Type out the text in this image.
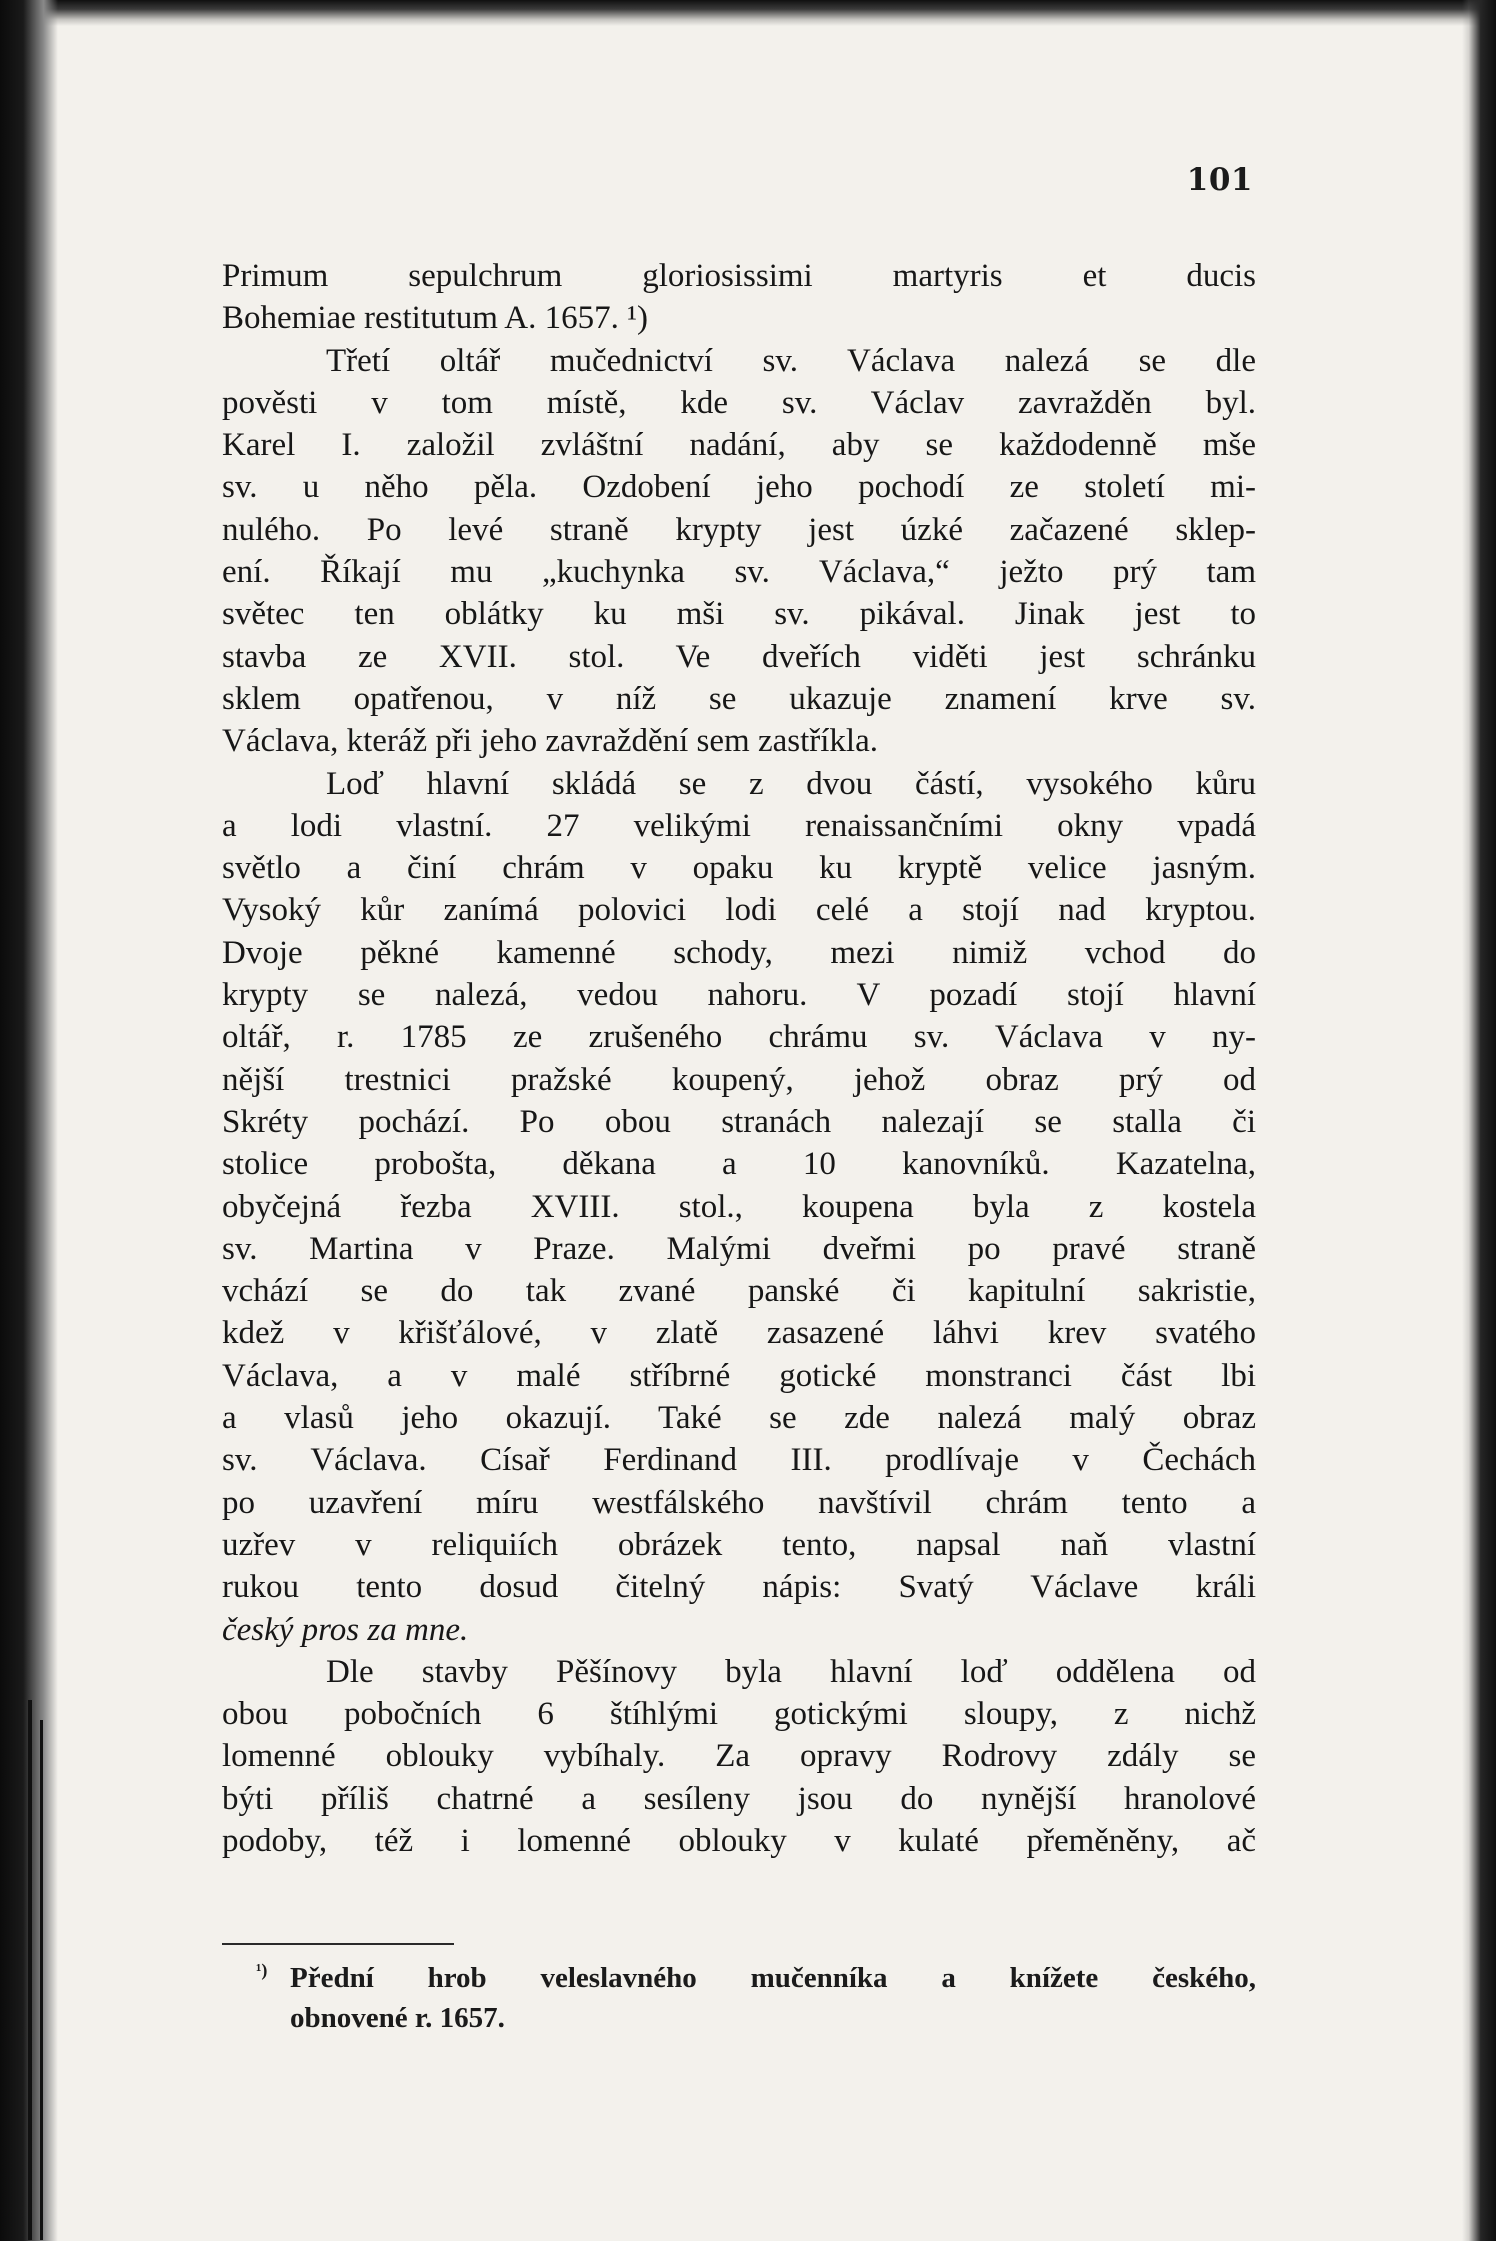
101
Primum sepulchrum gloriosissimi martyris et ducis
Bohemiae restitutum A. 1657. ¹)
Třetí oltář mučednictví sv. Václava nalezá se dle
pověsti v tom místě, kde sv. Václav zavražděn byl.
Karel I. založil zvláštní nadání, aby se každodenně mše
sv. u něho pěla. Ozdobení jeho pochodí ze století mi-
nulého. Po levé straně krypty jest úzké začazené sklep-
ení. Říkají mu „kuchynka sv. Václava,“ ježto prý tam
světec ten oblátky ku mši sv. pikával. Jinak jest to
stavba ze XVII. stol. Ve dveřích viděti jest schránku
sklem opatřenou, v níž se ukazuje znamení krve sv.
Václava, kteráž při jeho zavraždění sem zastříkla.
Loď hlavní skládá se z dvou částí, vysokého kůru
a lodi vlastní. 27 velikými renaissančními okny vpadá
světlo a činí chrám v opaku ku kryptě velice jasným.
Vysoký kůr zanímá polovici lodi celé a stojí nad kryptou.
Dvoje pěkné kamenné schody, mezi nimiž vchod do
krypty se nalezá, vedou nahoru. V pozadí stojí hlavní
oltář, r. 1785 ze zrušeného chrámu sv. Václava v ny-
nější trestnici pražské koupený, jehož obraz prý od
Skréty pochází. Po obou stranách nalezají se stalla či
stolice proboštа, děkana a 10 kanovníků. Kazatelna,
obyčejná řezba XVIII. stol., koupena byla z kostela
sv. Martina v Praze. Malými dveřmi po pravé straně
vchází se do tak zvané panské či kapitulní sakristie,
kdež v křišťálové, v zlatě zasazené láhvi krev svatého
Václava, a v malé stříbrné gotické monstranci část lbi
a vlasů jeho okazují. Také se zde nalezá malý obraz
sv. Václava. Císař Ferdinand III. prodlívaje v Čechách
po uzavření míru westfálského navštívil chrám tento a
uzřev v reliquiích obrázek tento, napsal naň vlastní
rukou tento dosud čitelný nápis: Svatý Václave králi
český pros za mne.
Dle stavby Pěšínovy byla hlavní loď oddělena od
obou pobočních 6 štíhlými gotickými sloupy, z nichž
lomenné oblouky vybíhaly. Za opravy Rodrovy zdály se
býti příliš chatrné a sesíleny jsou do nynější hranolové
podoby, též i lomenné oblouky v kulaté přeměněny, ač
¹) Přední hrob veleslavného mučenníka a knížete českého,
obnovené r. 1657.
